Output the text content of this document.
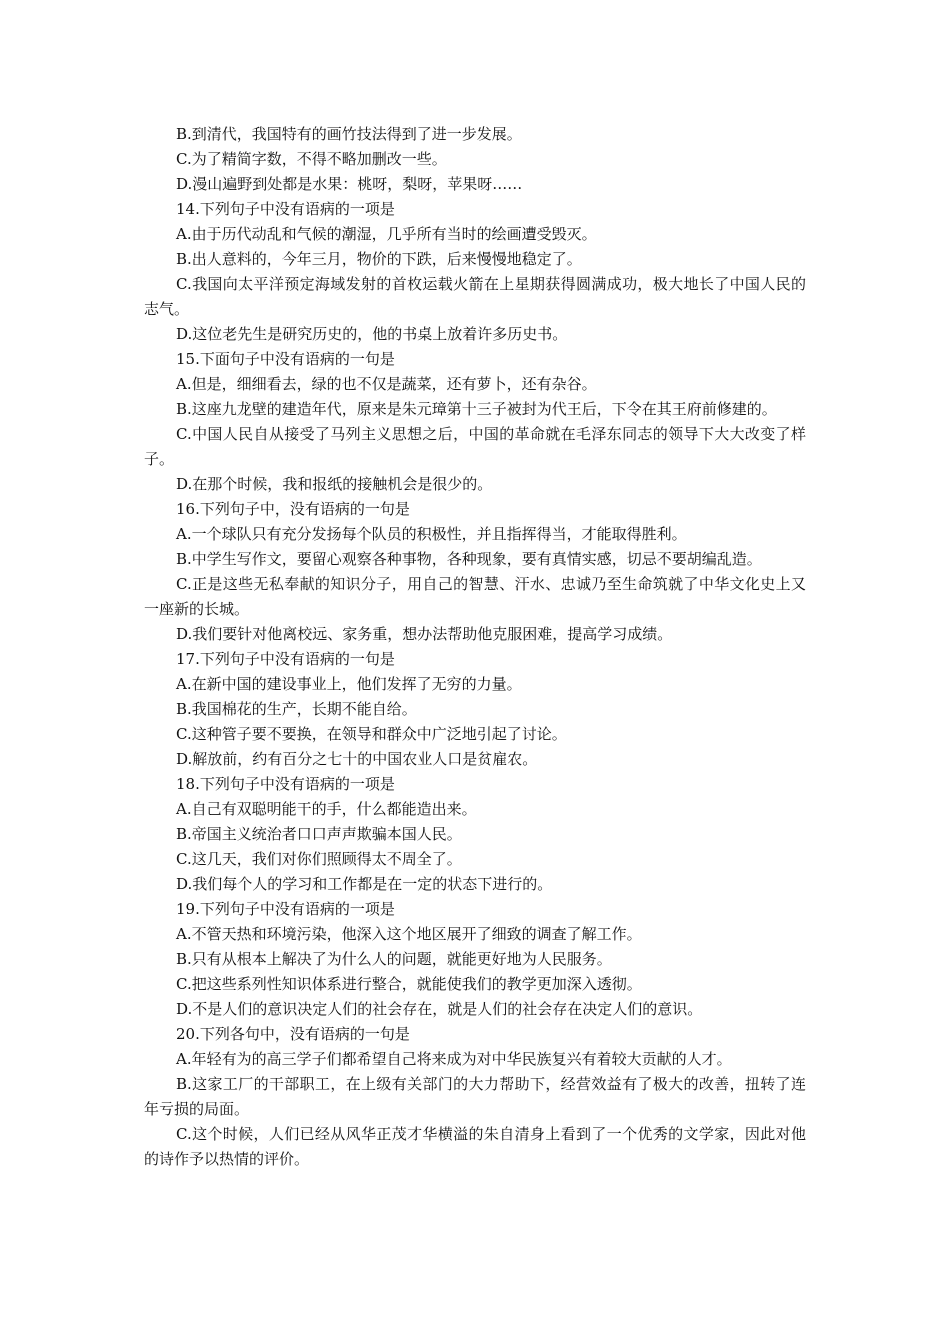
B.到清代，我国特有的画竹技法得到了进一步发展。

C.为了精简字数，不得不略加删改一些。

D.漫山遍野到处都是水果：桃呀，梨呀，苹果呀……

14.下列句子中没有语病的一项是

A.由于历代动乱和气候的潮湿，几乎所有当时的绘画遭受毁灭。

B.出人意料的，今年三月，物价的下跌，后来慢慢地稳定了。

C.我国向太平洋预定海域发射的首枚运载火箭在上星期获得圆满成功，极大地长了中国人民的志气。

D.这位老先生是研究历史的，他的书桌上放着许多历史书。

15.下面句子中没有语病的一句是

A.但是，细细看去，绿的也不仅是蔬菜，还有萝卜，还有杂谷。

B.这座九龙壁的建造年代，原来是朱元璋第十三子被封为代王后，下令在其王府前修建的。

C.中国人民自从接受了马列主义思想之后，中国的革命就在毛泽东同志的领导下大大改变了样子。

D.在那个时候，我和报纸的接触机会是很少的。

16.下列句子中，没有语病的一句是

A.一个球队只有充分发扬每个队员的积极性，并且指挥得当，才能取得胜利。

B.中学生写作文，要留心观察各种事物，各种现象，要有真情实感，切忌不要胡编乱造。

C.正是这些无私奉献的知识分子，用自己的智慧、汗水、忠诚乃至生命筑就了中华文化史上又一座新的长城。

D.我们要针对他离校远、家务重，想办法帮助他克服困难，提高学习成绩。

17.下列句子中没有语病的一句是

A.在新中国的建设事业上，他们发挥了无穷的力量。

B.我国棉花的生产，长期不能自给。

C.这种管子要不要换，在领导和群众中广泛地引起了讨论。

D.解放前，约有百分之七十的中国农业人口是贫雇农。

18.下列句子中没有语病的一项是

A.自己有双聪明能干的手，什么都能造出来。

B.帝国主义统治者口口声声欺骗本国人民。

C.这几天，我们对你们照顾得太不周全了。

D.我们每个人的学习和工作都是在一定的状态下进行的。

19.下列句子中没有语病的一项是

A.不管天热和环境污染，他深入这个地区展开了细致的调查了解工作。

B.只有从根本上解决了为什么人的问题，就能更好地为人民服务。

C.把这些系列性知识体系进行整合，就能使我们的教学更加深入透彻。

D.不是人们的意识决定人们的社会存在，就是人们的社会存在决定人们的意识。

20.下列各句中，没有语病的一句是

A.年轻有为的高三学子们都希望自己将来成为对中华民族复兴有着较大贡献的人才。

B.这家工厂的干部职工，在上级有关部门的大力帮助下，经营效益有了极大的改善，扭转了连年亏损的局面。

C.这个时候，人们已经从风华正茂才华横溢的朱自清身上看到了一个优秀的文学家，因此对他的诗作予以热情的评价。
